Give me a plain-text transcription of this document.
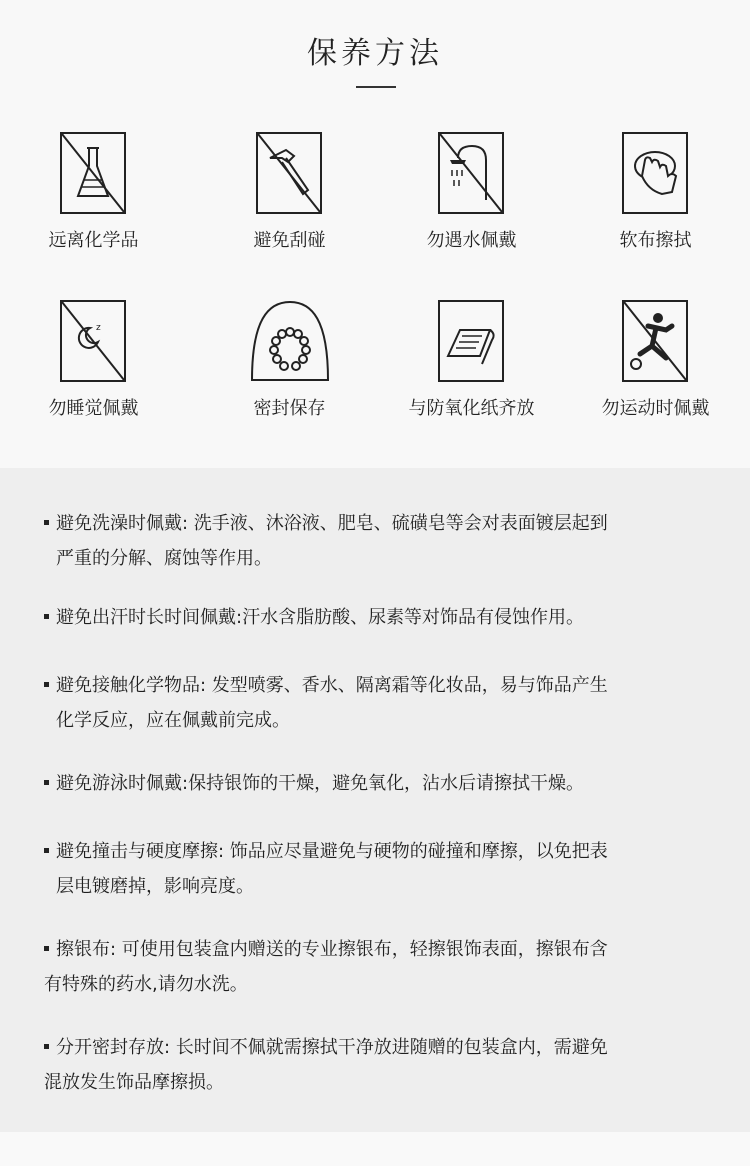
保养方法
远离化学品	避免刮碰	勿遇水佩戴	软布擦拭
z
勿睡觉佩戴	密封保存	与防氧化纸齐放	勿运动时佩戴
避免洗澡时佩戴: 洗手液、沐浴液、肥皂、硫磺皂等会对表面镀层起到
严重的分解、腐蚀等作用。
避免出汗时长时间佩戴:汗水含脂肪酸、尿素等对饰品有侵蚀作用。
避免接触化学物品: 发型喷雾、香水、隔离霜等化妆品，易与饰品产生
化学反应，应在佩戴前完成。
避免游泳时佩戴:保持银饰的干燥，避免氧化，沾水后请擦拭干燥。
避免撞击与硬度摩擦: 饰品应尽量避免与硬物的碰撞和摩擦，以免把表
层电镀磨掉，影响亮度。
擦银布: 可使用包装盒内赠送的专业擦银布，轻擦银饰表面，擦银布含
有特殊的药水,请勿水洗。
分开密封存放: 长时间不佩就需擦拭干净放进随赠的包装盒内，需避免
混放发生饰品摩擦损。
